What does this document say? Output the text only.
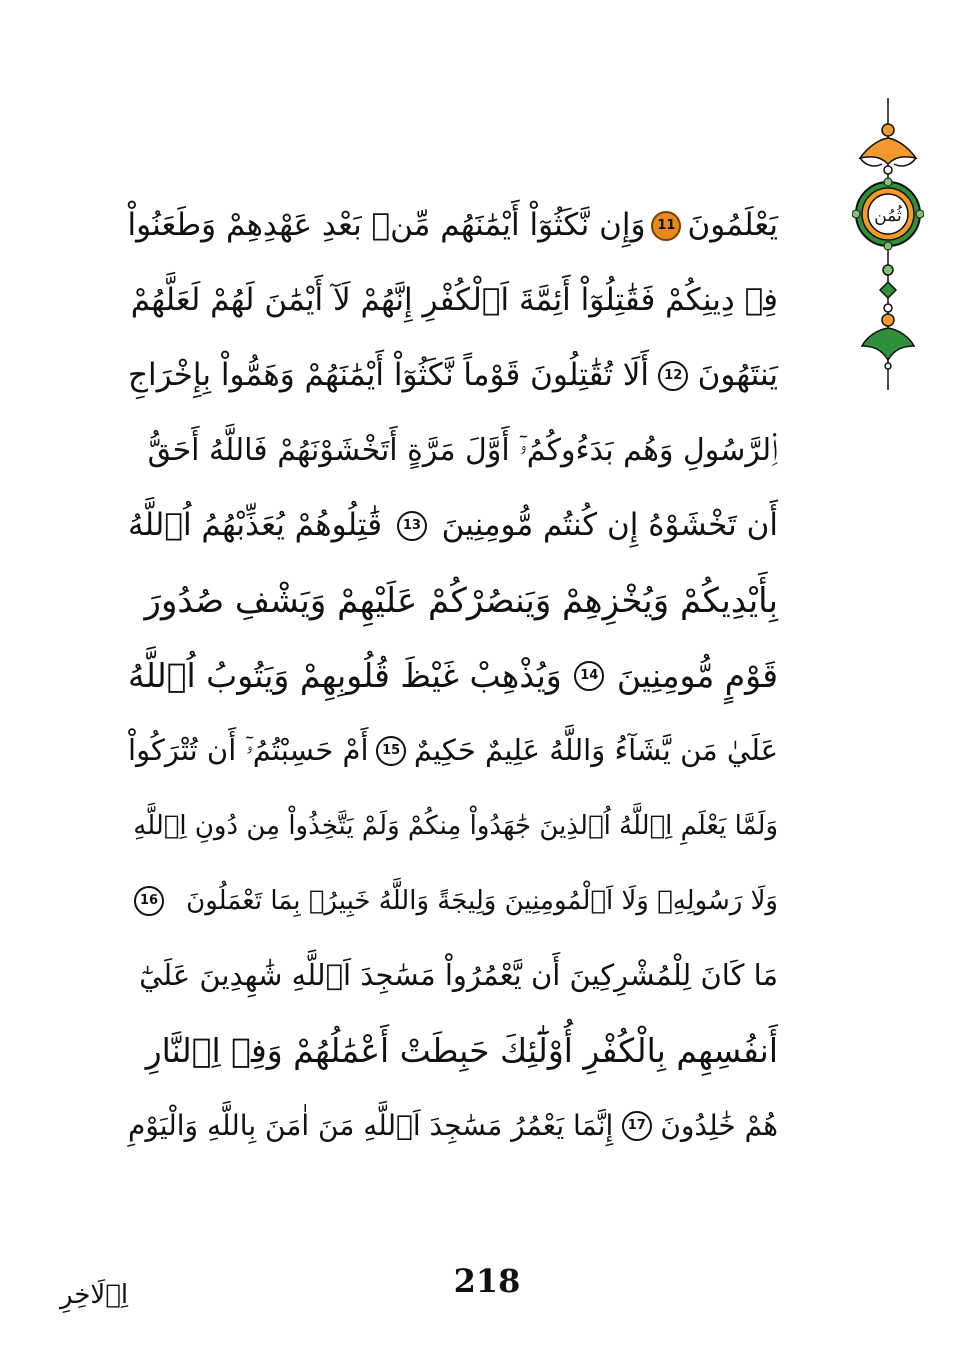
ثُمُن
يَعْلَمُونَ
11
وَإِن نَّكَثُوٓاْ أَيْمَٰنَهُم مِّنۢ بَعْدِ عَهْدِهِمْ وَطَعَنُواْ
فِے دِينِكُمْ فَقَٰتِلُوٓاْ أَئِمَّةَ اَ۬لْكُفْرِ إِنَّهُمْ لَآ أَيْمَٰنَ لَهُمْ لَعَلَّهُمْ
يَنتَهُونَ
12
أَلَا تُقَٰتِلُونَ قَوْماً نَّكَثُوٓاْ أَيْمَٰنَهُمْ وَهَمُّواْ بِإِخْرَاجِ
اِ۬لرَّسُولِ وَهُم بَدَءُوكُمُۥٓ أَوَّلَ مَرَّةٍ أَتَخْشَوْنَهُمْ فَاللَّهُ أَحَقُّ
أَن تَخْشَوْهُ إِن كُنتُم مُّومِنِينَ
13
قَٰتِلُوهُمْ يُعَذِّبْهُمُ اُ۬للَّهُ
بِأَيْدِيكُمْ وَيُخْزِهِمْ وَيَنصُرْكُمْ عَلَيْهِمْ وَيَشْفِ صُدُورَ
قَوْمٍ مُّومِنِينَ
14
وَيُذْهِبْ غَيْظَ قُلُوبِهِمْ وَيَتُوبُ اُ۬للَّهُ
عَلَيٰ مَن يَّشَآءُ وَاللَّهُ عَلِيمٌ حَكِيمٌ
15
أَمْ حَسِبْتُمُۥٓ أَن تُتْرَكُواْ
وَلَمَّا يَعْلَمِ اِ۬للَّهُ اُ۬لذِينَ جَٰهَدُواْ مِنكُمْ وَلَمْ يَتَّخِذُواْ مِن دُونِ اِ۬للَّهِ
وَلَا رَسُولِهِۦ وَلَا اَ۬لْمُومِنِينَ وَلِيجَةً وَاللَّهُ خَبِيرُۢ بِمَا تَعْمَلُونَ
16
مَا كَانَ لِلْمُشْرِكِينَ أَن يَّعْمُرُواْ مَسَٰجِدَ اَ۬للَّهِ شَٰهِدِينَ عَلَيٰٓ
أَنفُسِهِم بِالْكُفْرِ أُوْلَٰٓئِكَ حَبِطَتْ أَعْمَٰلُهُمْ وَفِے اِ۬لنَّارِ
هُمْ خَٰلِدُونَ
17
إِنَّمَا يَعْمُرُ مَسَٰجِدَ اَ۬للَّهِ مَنَ اٰمَنَ بِاللَّهِ وَالْيَوْمِ
اِ۬لَاخِرِ	218
